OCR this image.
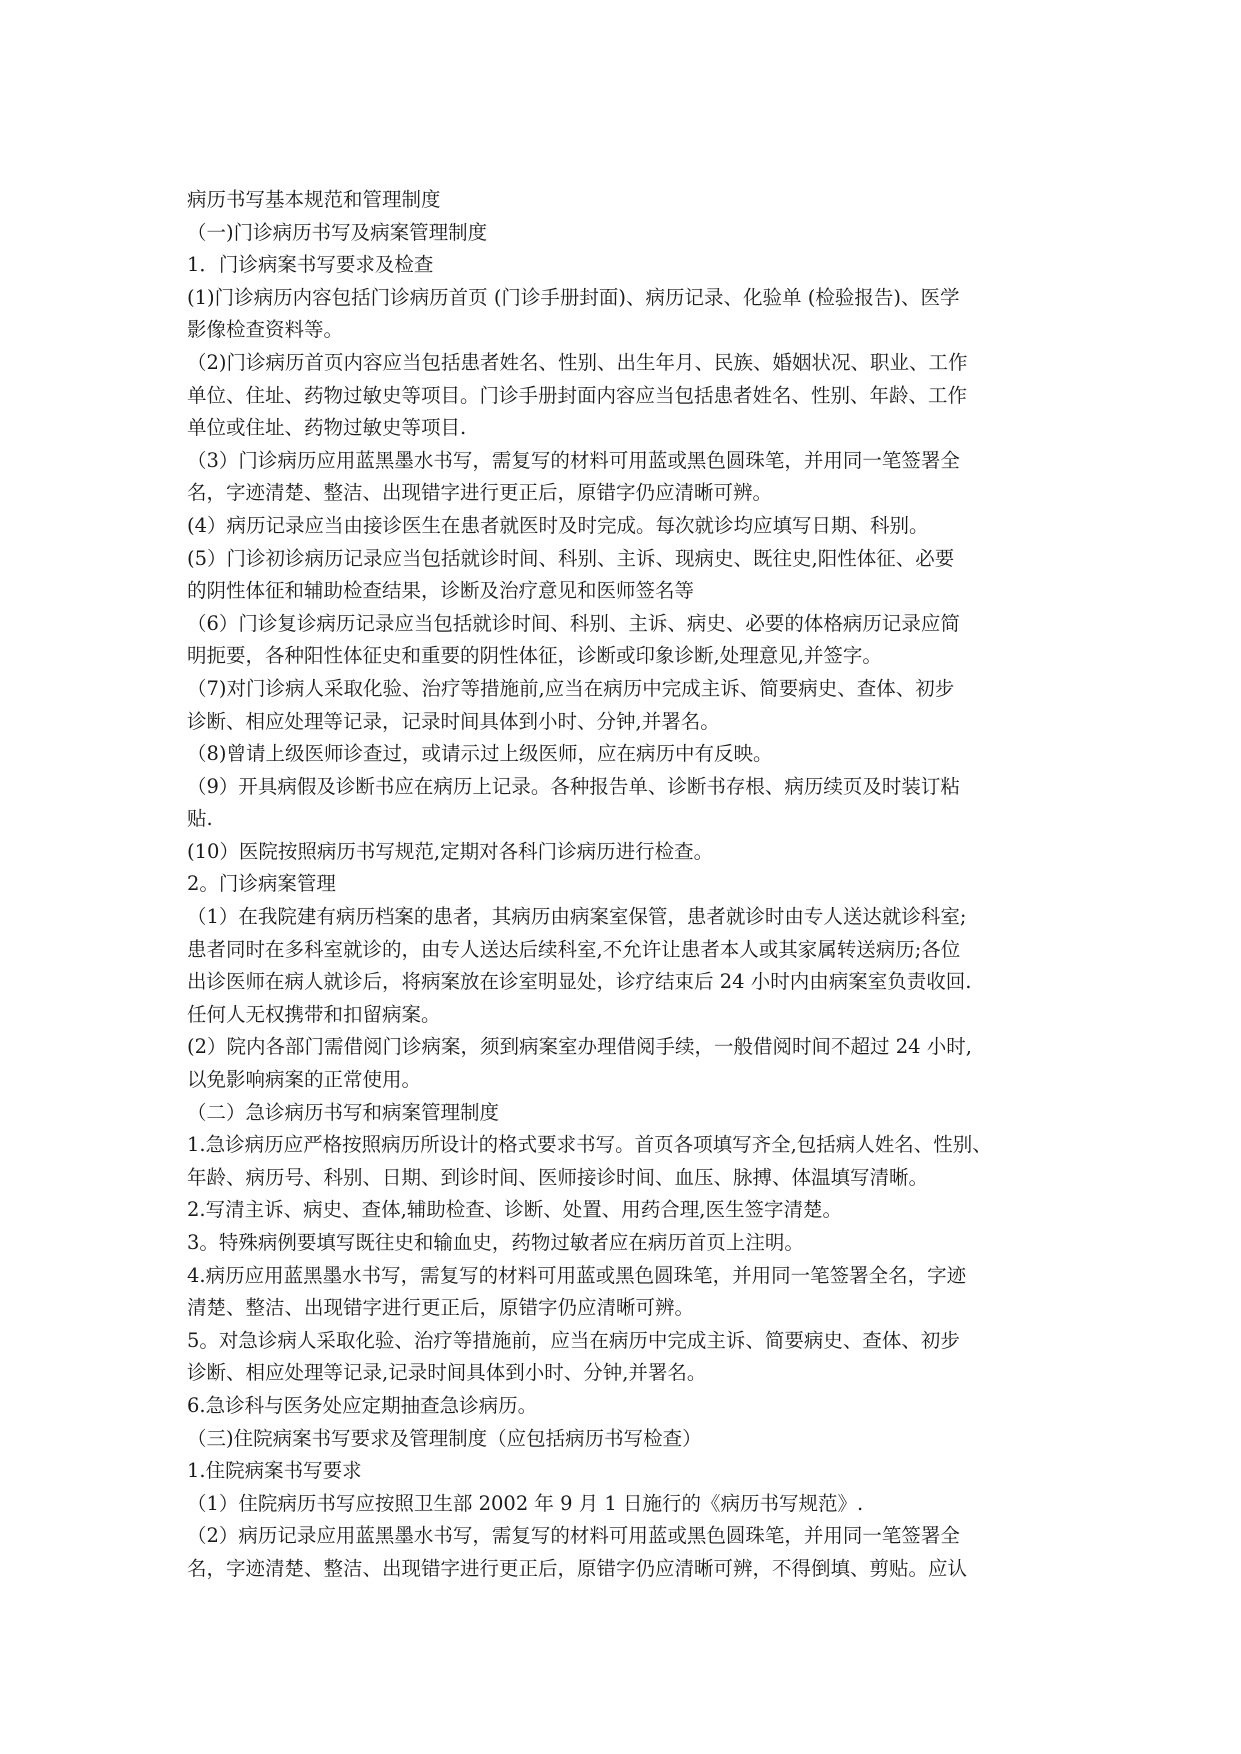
病历书写基本规范和管理制度
（一)门诊病历书写及病案管理制度
1．门诊病案书写要求及检查
(1)门诊病历内容包括门诊病历首页 (门诊手册封面)、病历记录、化验单 (检验报告)、医学
影像检查资料等。
（2)门诊病历首页内容应当包括患者姓名、性别、出生年月、民族、婚姻状况、职业、工作
单位、住址、药物过敏史等项目。门诊手册封面内容应当包括患者姓名、性别、年龄、工作
单位或住址、药物过敏史等项目.
（3）门诊病历应用蓝黑墨水书写，需复写的材料可用蓝或黑色圆珠笔，并用同一笔签署全
名，字迹清楚、整洁、出现错字进行更正后，原错字仍应清晰可辨。
(4）病历记录应当由接诊医生在患者就医时及时完成。每次就诊均应填写日期、科别。
(5）门诊初诊病历记录应当包括就诊时间、科别、主诉、现病史、既往史,阳性体征、必要
的阴性体征和辅助检查结果，诊断及治疗意见和医师签名等
（6）门诊复诊病历记录应当包括就诊时间、科别、主诉、病史、必要的体格病历记录应简
明扼要，各种阳性体征史和重要的阴性体征，诊断或印象诊断,处理意见,并签字。
（7)对门诊病人采取化验、治疗等措施前,应当在病历中完成主诉、简要病史、查体、初步
诊断、相应处理等记录，记录时间具体到小时、分钟,并署名。
（8)曾请上级医师诊查过，或请示过上级医师，应在病历中有反映。
（9）开具病假及诊断书应在病历上记录。各种报告单、诊断书存根、病历续页及时装订粘
贴.
(10）医院按照病历书写规范,定期对各科门诊病历进行检查。
2。门诊病案管理
（1）在我院建有病历档案的患者，其病历由病案室保管，患者就诊时由专人送达就诊科室;
患者同时在多科室就诊的，由专人送达后续科室,不允许让患者本人或其家属转送病历;各位
出诊医师在病人就诊后，将病案放在诊室明显处，诊疗结束后 24 小时内由病案室负责收回.
任何人无权携带和扣留病案。
(2）院内各部门需借阅门诊病案，须到病案室办理借阅手续，一般借阅时间不超过 24 小时,
以免影响病案的正常使用。
（二）急诊病历书写和病案管理制度
1.急诊病历应严格按照病历所设计的格式要求书写。首页各项填写齐全,包括病人姓名、性别、
年龄、病历号、科别、日期、到诊时间、医师接诊时间、血压、脉搏、体温填写清晰。
2.写清主诉、病史、查体,辅助检查、诊断、处置、用药合理,医生签字清楚。
3。特殊病例要填写既往史和输血史，药物过敏者应在病历首页上注明。
4.病历应用蓝黑墨水书写，需复写的材料可用蓝或黑色圆珠笔，并用同一笔签署全名，字迹
清楚、整洁、出现错字进行更正后，原错字仍应清晰可辨。
5。对急诊病人采取化验、治疗等措施前，应当在病历中完成主诉、简要病史、查体、初步
诊断、相应处理等记录,记录时间具体到小时、分钟,并署名。
6.急诊科与医务处应定期抽查急诊病历。
（三)住院病案书写要求及管理制度（应包括病历书写检查）
1.住院病案书写要求
（1）住院病历书写应按照卫生部 2002 年 9 月 1 日施行的《病历书写规范》.
（2）病历记录应用蓝黑墨水书写，需复写的材料可用蓝或黑色圆珠笔，并用同一笔签署全
名，字迹清楚、整洁、出现错字进行更正后，原错字仍应清晰可辨，不得倒填、剪贴。应认
